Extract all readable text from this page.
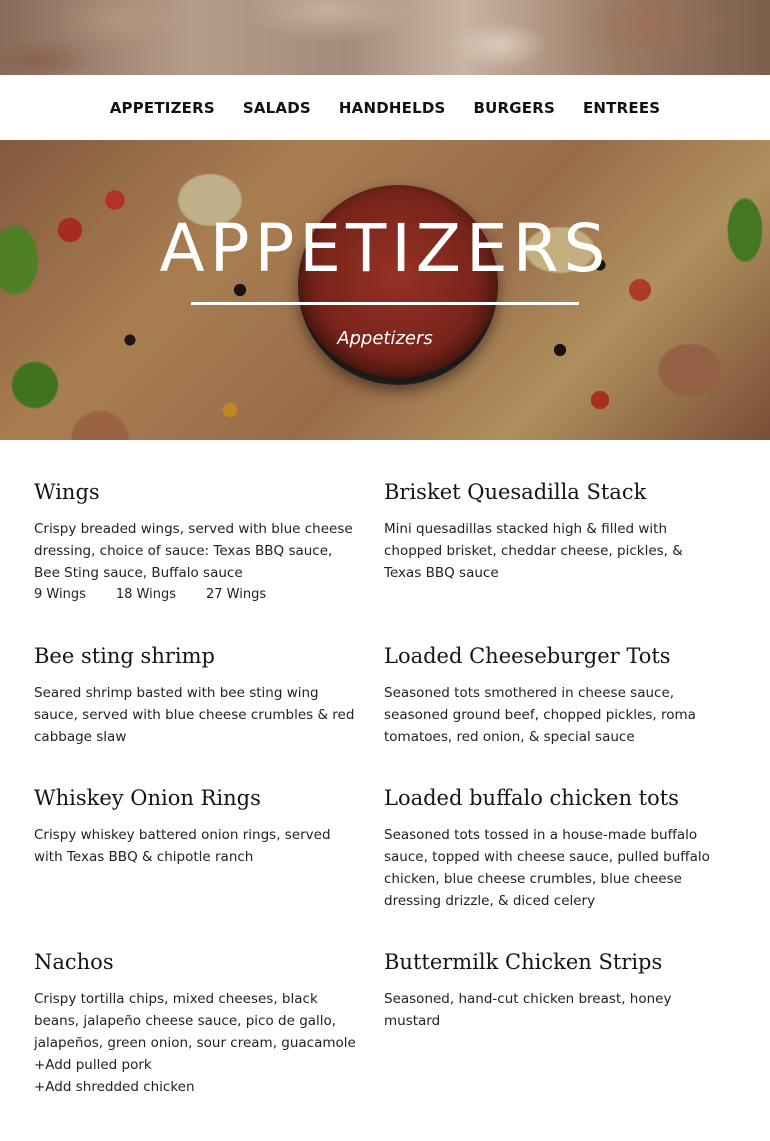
APPETIZERS SALADS HANDHELDS BURGERS ENTREES
APPETIZERS
Appetizers
Wings
Crispy breaded wings, served with blue cheese dressing, choice of sauce: Texas BBQ sauce, Bee Sting sauce, Buffalo sauce
9 Wings 18 Wings 27 Wings
Brisket Quesadilla Stack
Mini quesadillas stacked high & filled with chopped brisket, cheddar cheese, pickles, & Texas BBQ sauce
Bee sting shrimp
Seared shrimp basted with bee sting wing sauce, served with blue cheese crumbles & red cabbage slaw
Loaded Cheeseburger Tots
Seasoned tots smothered in cheese sauce, seasoned ground beef, chopped pickles, roma tomatoes, red onion, & special sauce
Whiskey Onion Rings
Crispy whiskey battered onion rings, served with Texas BBQ & chipotle ranch
Loaded buffalo chicken tots
Seasoned tots tossed in a house-made buffalo sauce, topped with cheese sauce, pulled buffalo chicken, blue cheese crumbles, blue cheese dressing drizzle, & diced celery
Nachos
Crispy tortilla chips, mixed cheeses, black beans, jalapeño cheese sauce, pico de gallo, jalapeños, green onion, sour cream, guacamole
+Add pulled pork
+Add shredded chicken
Buttermilk Chicken Strips
Seasoned, hand-cut chicken breast, honey mustard
